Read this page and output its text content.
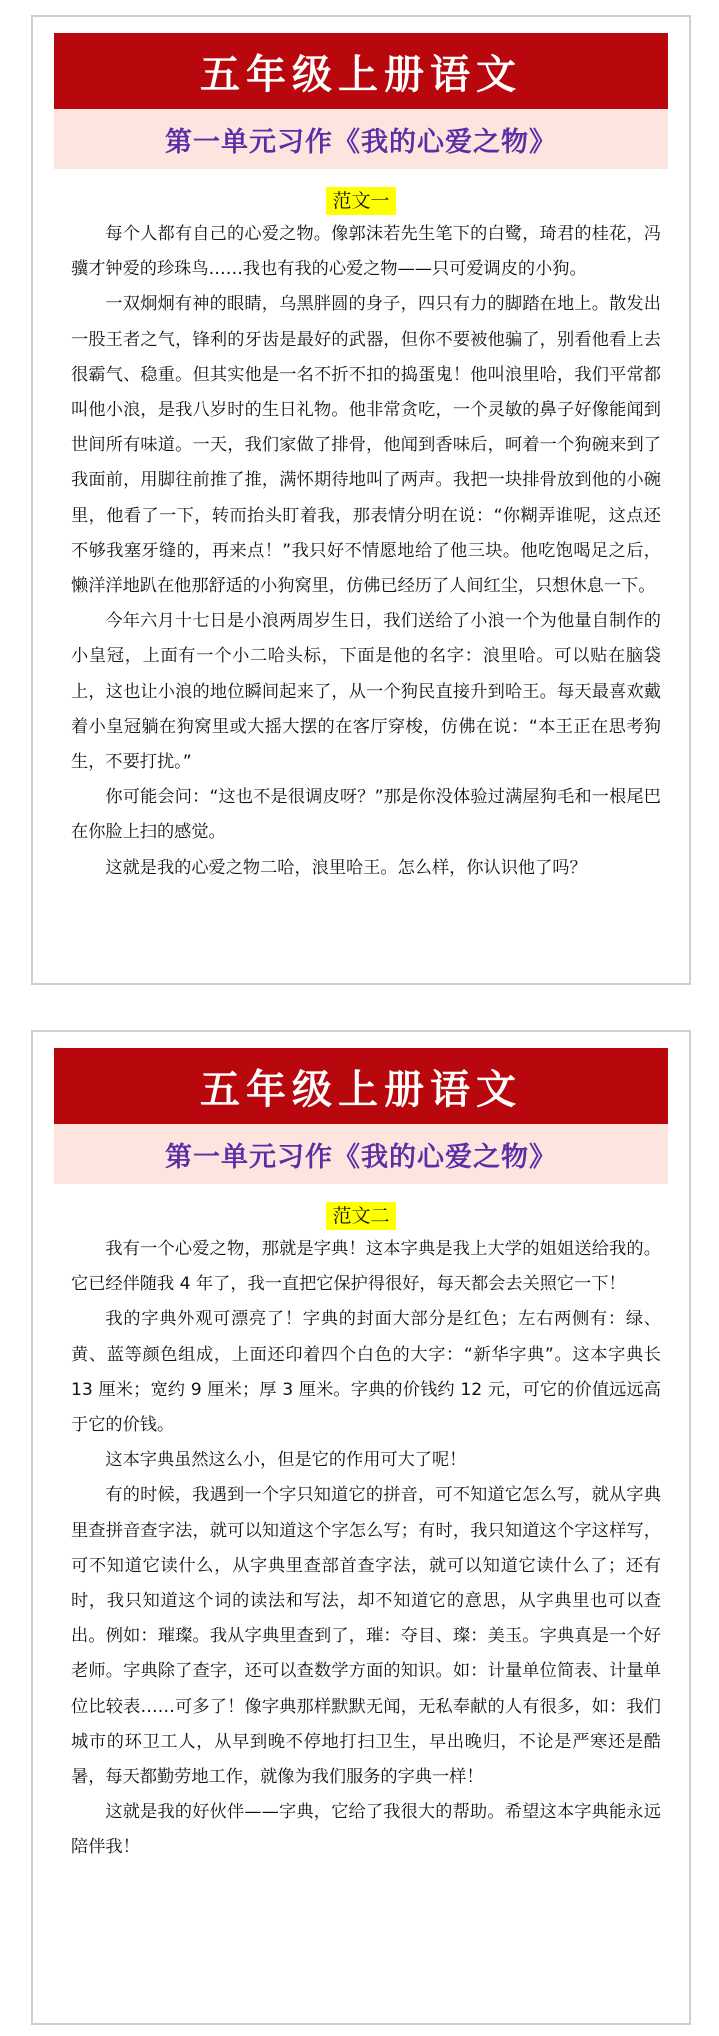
五年级上册语文
第一单元习作《我的心爱之物》
范文一

每个人都有自己的心爱之物。像郭沫若先生笔下的白鹭，琦君的桂花，冯骥才钟爱的珍珠鸟……我也有我的心爱之物——只可爱调皮的小狗。

一双炯炯有神的眼睛，乌黑胖圆的身子，四只有力的脚踏在地上。散发出一股王者之气，锋利的牙齿是最好的武器，但你不要被他骗了，别看他看上去很霸气、稳重。但其实他是一名不折不扣的捣蛋鬼！他叫浪里哈，我们平常都叫他小浪，是我八岁时的生日礼物。他非常贪吃，一个灵敏的鼻子好像能闻到世间所有味道。一天，我们家做了排骨，他闻到香味后，呵着一个狗碗来到了我面前，用脚往前推了推，满怀期待地叫了两声。我把一块排骨放到他的小碗里，他看了一下，转而抬头盯着我，那表情分明在说：“你糊弄谁呢，这点还不够我塞牙缝的，再来点！”我只好不情愿地给了他三块。他吃饱喝足之后，懒洋洋地趴在他那舒适的小狗窝里，仿佛已经历了人间红尘，只想休息一下。

今年六月十七日是小浪两周岁生日，我们送给了小浪一个为他量自制作的小皇冠，上面有一个小二哈头标，下面是他的名字：浪里哈。可以贴在脑袋上，这也让小浪的地位瞬间起来了，从一个狗民直接升到哈王。每天最喜欢戴着小皇冠躺在狗窝里或大摇大摆的在客厅穿梭，仿佛在说：“本王正在思考狗生，不要打扰。”

你可能会问：“这也不是很调皮呀？”那是你没体验过满屋狗毛和一根尾巴在你脸上扫的感觉。

这就是我的心爱之物二哈，浪里哈王。怎么样，你认识他了吗？

五年级上册语文
第一单元习作《我的心爱之物》
范文二

我有一个心爱之物，那就是字典！这本字典是我上大学的姐姐送给我的。它已经伴随我 4 年了，我一直把它保护得很好，每天都会去关照它一下！

我的字典外观可漂亮了！字典的封面大部分是红色；左右两侧有：绿、黄、蓝等颜色组成，上面还印着四个白色的大字：“新华字典”。这本字典长 13 厘米；宽约 9 厘米；厚 3 厘米。字典的价钱约 12 元，可它的价值远远高于它的价钱。

这本字典虽然这么小，但是它的作用可大了呢！

有的时候，我遇到一个字只知道它的拼音，可不知道它怎么写，就从字典里查拼音查字法，就可以知道这个字怎么写；有时，我只知道这个字这样写，可不知道它读什么，从字典里查部首查字法，就可以知道它读什么了；还有时，我只知道这个词的读法和写法，却不知道它的意思，从字典里也可以查出。例如：璀璨。我从字典里查到了，璀：夺目、璨：美玉。字典真是一个好老师。字典除了查字，还可以查数学方面的知识。如：计量单位简表、计量单位比较表……可多了！像字典那样默默无闻，无私奉献的人有很多，如：我们城市的环卫工人，从早到晚不停地打扫卫生，早出晚归，不论是严寒还是酷暑，每天都勤劳地工作，就像为我们服务的字典一样！

这就是我的好伙伴——字典，它给了我很大的帮助。希望这本字典能永远陪伴我！
